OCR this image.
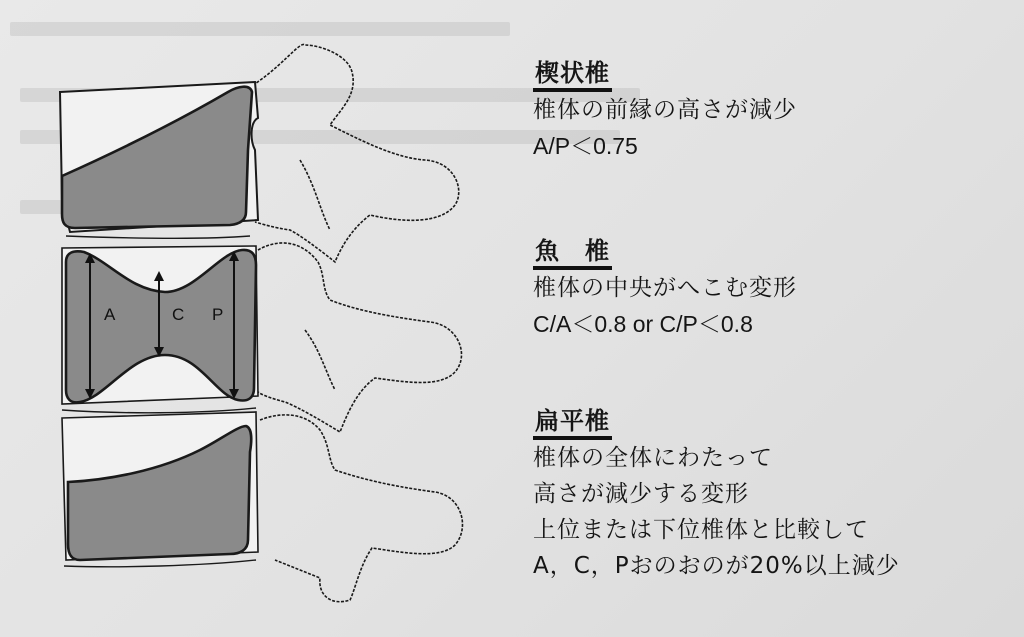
A	C P
楔状椎
椎体の前縁の高さが減少
A/P＜0.75
魚　椎
椎体の中央がへこむ変形
C/A＜0.8 or C/P＜0.8
扁平椎
椎体の全体にわたって
高さが減少する変形
上位または下位椎体と比較して
A，C，Pおのおのが20%以上減少
